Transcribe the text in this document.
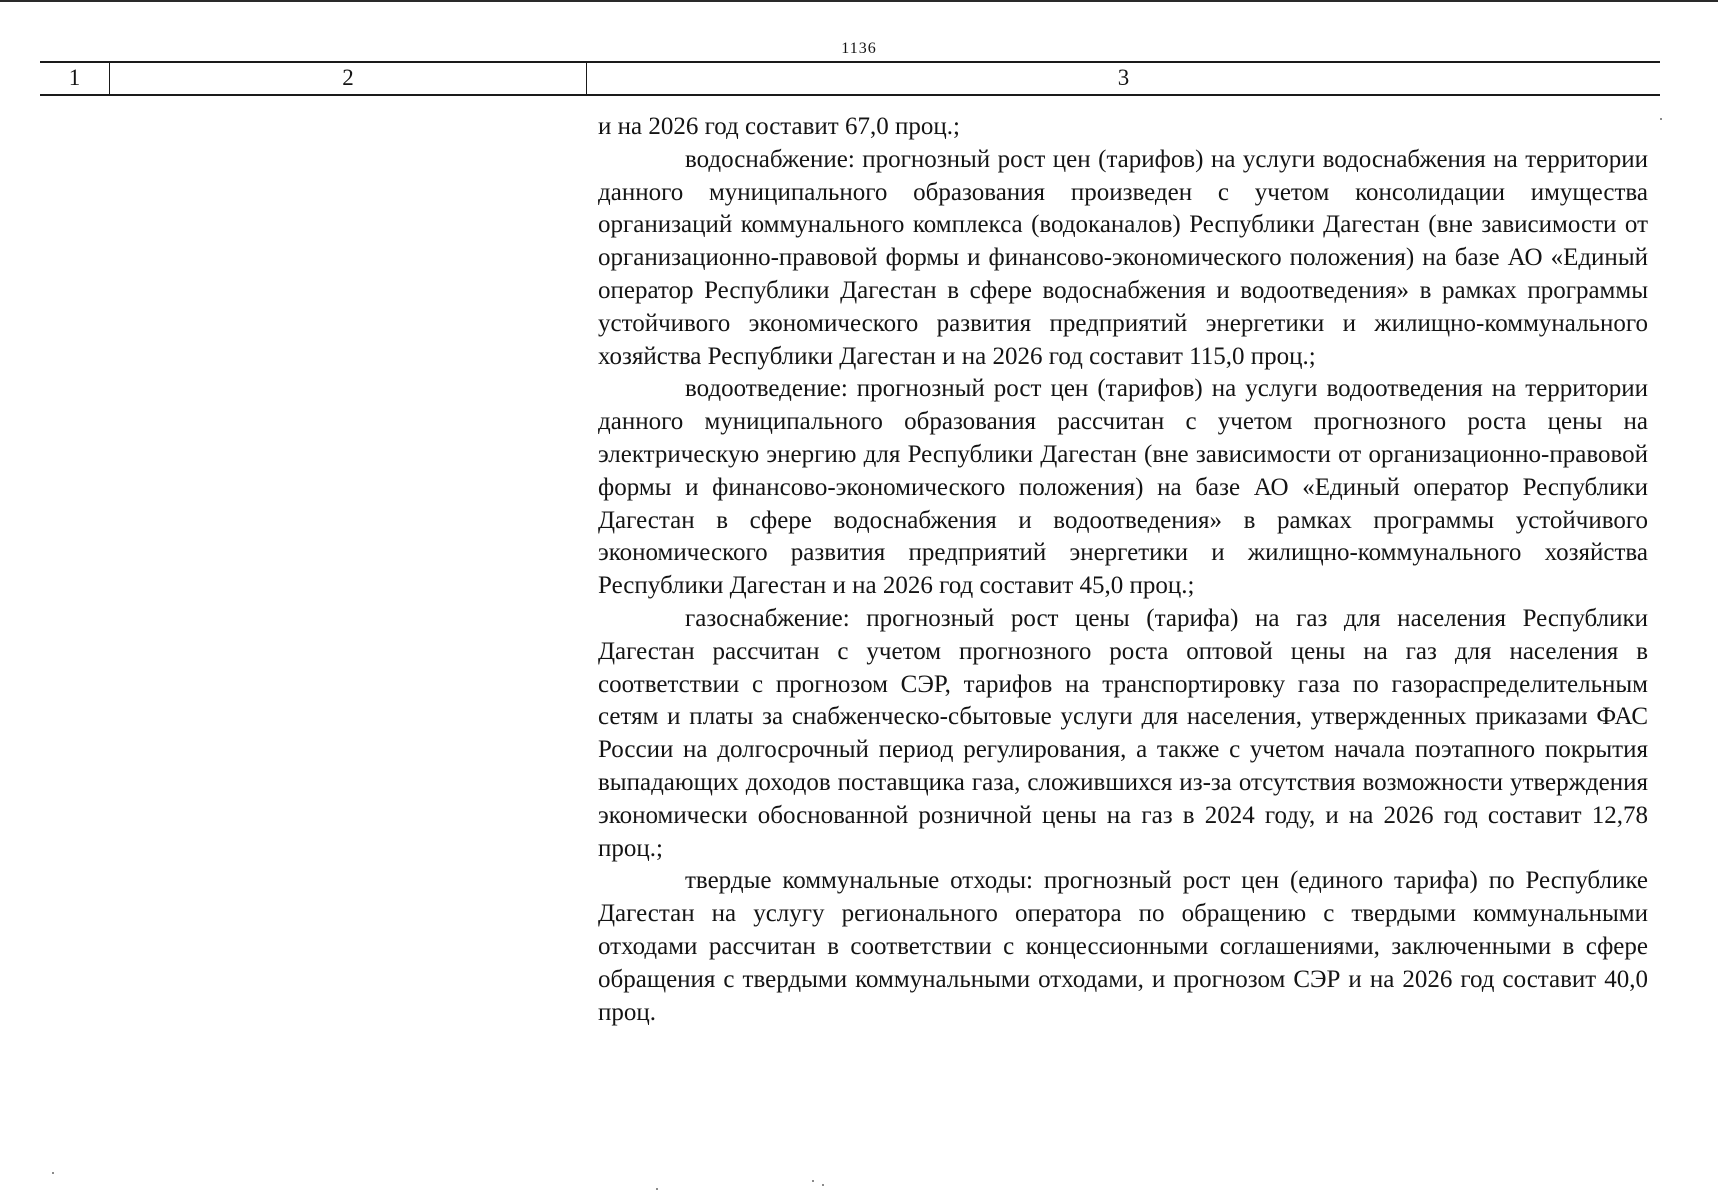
1136
1	2	3

и на 2026 год составит 67,0 проц.;

водоснабжение: прогнозный рост цен (тарифов) на услуги водоснабжения на территории данного муниципального образования произведен с учетом консолидации имущества организаций коммунального комплекса (водоканалов) Республики Дагестан (вне зависимости от организационно-правовой формы и финансово-экономического положения) на базе АО «Единый оператор Республики Дагестан в сфере водоснабжения и водоотведения» в рамках программы устойчивого экономического развития предприятий энергетики и жилищно-коммунального хозяйства Республики Дагестан и на 2026 год составит 115,0 проц.;

водоотведение: прогнозный рост цен (тарифов) на услуги водоотведения на территории данного муниципального образования рассчитан с учетом прогнозного роста цены на электрическую энергию для Республики Дагестан (вне зависимости от организационно-правовой формы и финансово-экономического положения) на базе АО «Единый оператор Республики Дагестан в сфере водоснабжения и водоотведения» в рамках программы устойчивого экономического развития предприятий энергетики и жилищно-коммунального хозяйства Республики Дагестан и на 2026 год составит 45,0 проц.;

газоснабжение: прогнозный рост цены (тарифа) на газ для населения Республики Дагестан рассчитан с учетом прогнозного роста оптовой цены на газ для населения в соответствии с прогнозом СЭР, тарифов на транспортировку газа по газораспределительным сетям и платы за снабженческо-сбытовые услуги для населения, утвержденных приказами ФАС России на долгосрочный период регулирования, а также с учетом начала поэтапного покрытия выпадающих доходов поставщика газа, сложившихся из-за отсутствия возможности утверждения экономически обоснованной розничной цены на газ в 2024 году, и на 2026 год составит 12,78 проц.;

твердые коммунальные отходы: прогнозный рост цен (единого тарифа) по Республике Дагестан на услугу регионального оператора по обращению с твердыми коммунальными отходами рассчитан в соответствии с концессионными соглашениями, заключенными в сфере обращения с твердыми коммунальными отходами, и прогнозом СЭР и на 2026 год составит 40,0 проц.
